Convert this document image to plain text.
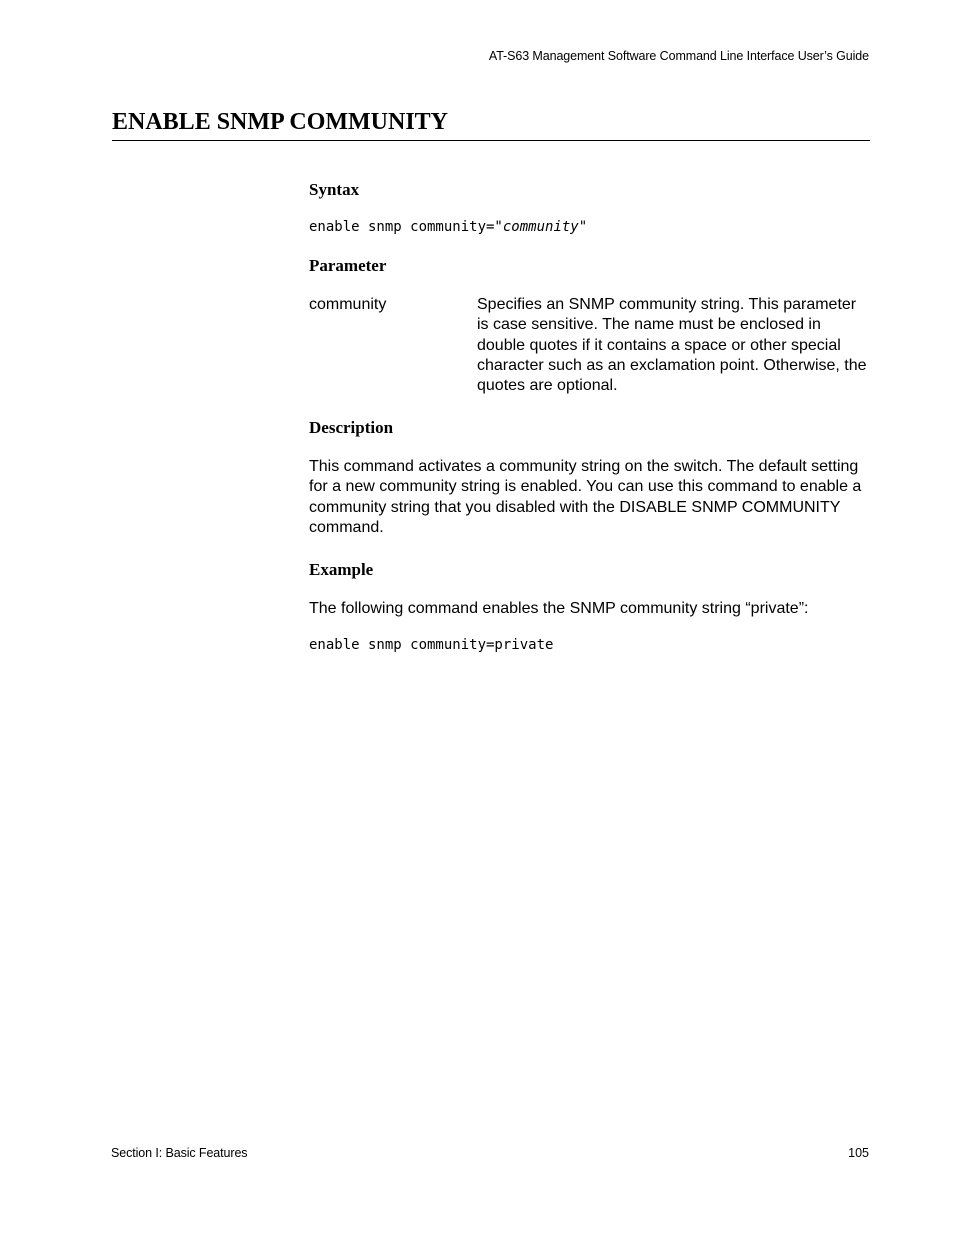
AT-S63 Management Software Command Line Interface User’s Guide
ENABLE SNMP COMMUNITY
Syntax
enable snmp community="community"
Parameter
community	Specifies an SNMP community string. This parameter is case sensitive. The name must be enclosed in double quotes if it contains a space or other special character such as an exclamation point. Otherwise, the quotes are optional.

Description

This command activates a community string on the switch. The default setting for a new community string is enabled. You can use this command to enable a community string that you disabled with the DISABLE SNMP COMMUNITY command.

Example

The following command enables the SNMP community string “private”:

enable snmp community=private
Section I: Basic Features	105
